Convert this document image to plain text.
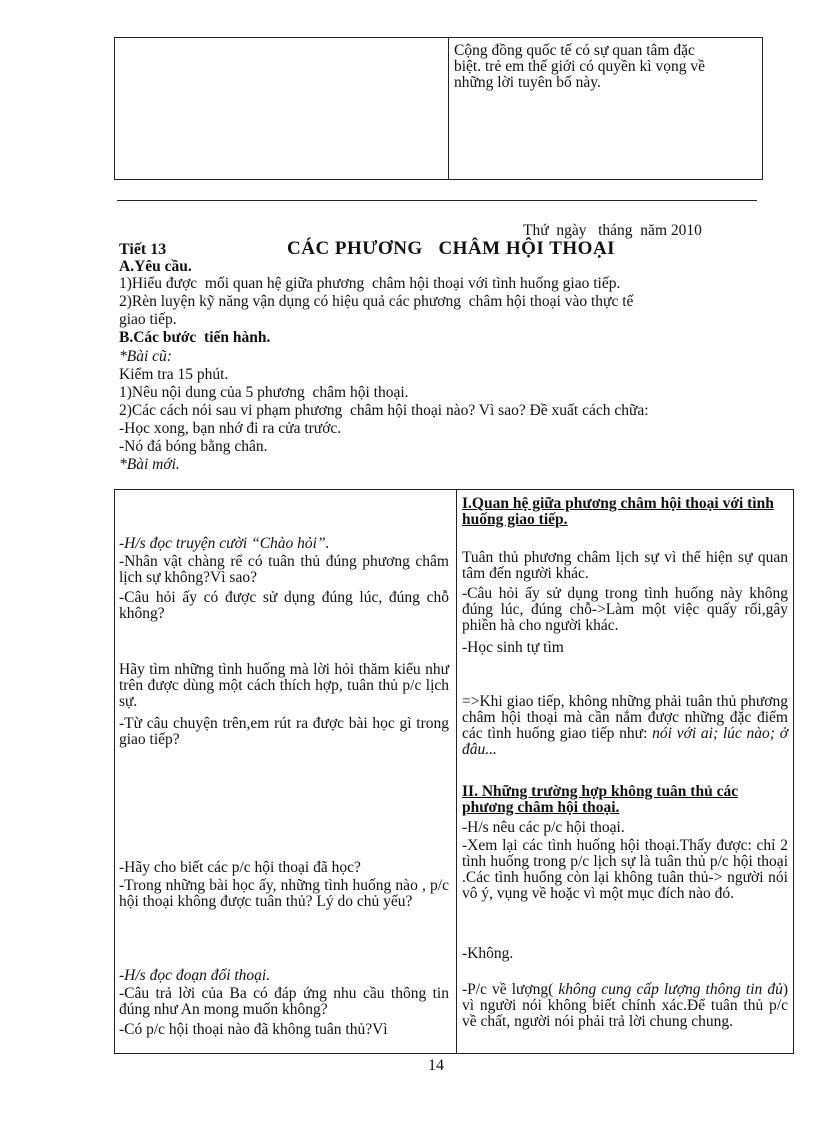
Cộng đồng quốc tế có sự quan tâm đặc
biệt. trẻ em thế giới có quyền kì vọng về
những lời tuyên bố này.
Thứ  ngày   tháng  năm 2010
Tiết 13	CÁC PHƯƠNG   CHÂM HỘI THOẠI
A.Yêu cầu.
1)Hiểu được  mối quan hệ giữa phương  châm hội thoại với tình huống giao tiếp.
2)Rèn luyện kỹ năng vận dụng có hiệu quả các phương  châm hội thoại vào thực tế
giao tiếp.
B.Các bước  tiến hành.
*Bài cũ:
Kiểm tra 15 phút.
1)Nêu nội dung của 5 phương  châm hội thoại.
2)Các cách nói sau vi phạm phương  châm hội thoại nào? Vì sao? Đề xuất cách chữa:
-Học xong, bạn nhớ đi ra cửa trước.
-Nó đá bóng bằng chân.
*Bài mới.
-H/s đọc truyện cười “Chào hỏi”.
-Nhân vật chàng rể có tuân thủ đúng phương châm lịch sự không?Vì sao?
-Câu hỏi ấy có được sử dụng đúng lúc, đúng chỗ không?
Hãy tìm những tình huống mà lời hỏi thăm kiểu như trên được dùng một cách thích hợp, tuân thủ p/c lịch sự.
-Từ câu chuyện trên,em rút ra được bài học gì trong giao tiếp?
-Hãy cho biết các p/c hội thoại đã học?
-Trong những bài học ấy, những tình huống nào , p/c hội thoại không được tuân thủ? Lý do chủ yếu?
-H/s đọc đoạn đối thoại.
-Câu trả lời của Ba có đáp ứng nhu cầu thông tin đúng như An mong muốn không?
-Có p/c hội thoại nào đã không tuân thủ?Vì
I.Quan hệ giữa phương châm hội thoại với tình huống giao tiếp.
Tuân thủ phương châm lịch sự vì thể hiện sự quan tâm đến người khác.
-Câu hỏi ấy sử dụng trong tình huống này không đúng lúc, đúng chỗ->Làm một việc quấy rối,gây phiền hà cho người khác.
-Học sinh tự tìm
=>Khi giao tiếp, không những phải tuân thủ phương châm hội thoại mà cần nắm được những đặc điểm các tình huống giao tiếp như: nói với ai; lúc nào; ở đâu...
II. Những trường hợp không tuân thủ các phương châm hội thoại.
-H/s nêu các p/c hội thoại.
-Xem lại các tình huống hội thoại.Thấy được: chỉ 2 tình huống trong p/c lịch sự là tuân thủ p/c hội thoại .Các tình huống còn lại không tuân thủ-> người nói vô ý, vụng về hoặc vì một mục đích nào đó.
-Không.
-P/c về lượng( không cung cấp lượng thông tin đủ) vì người nói không biết chính xác.Để tuân thủ p/c về chất, người nói phải trả lời chung chung.
14
